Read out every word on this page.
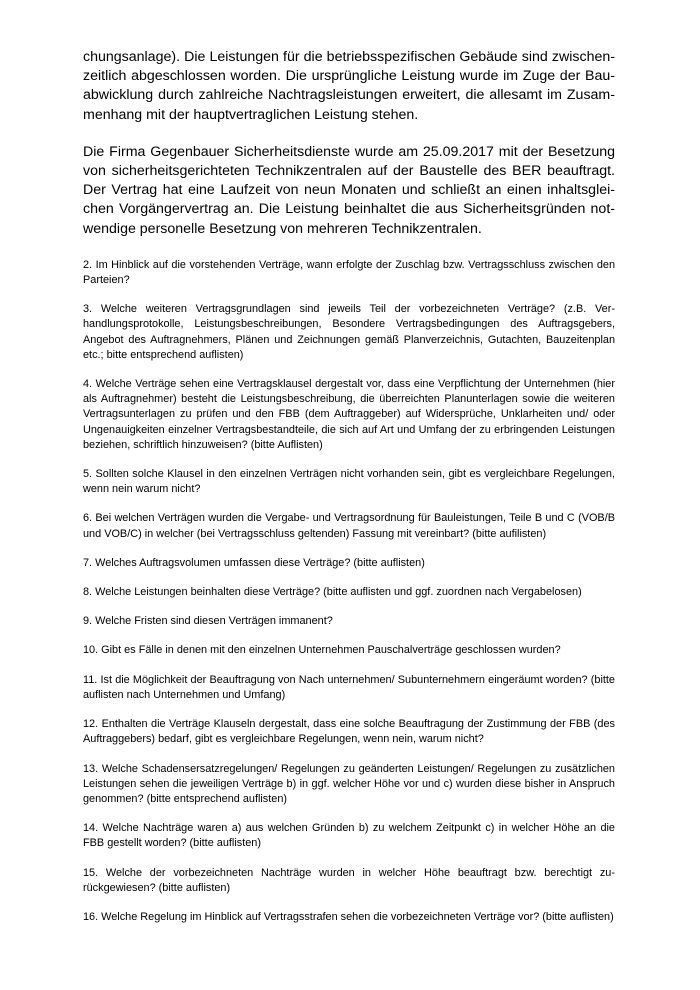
chungsanlage). Die Leistungen für die betriebsspezifischen Gebäude sind zwischenzeitlich abgeschlossen worden. Die ursprüngliche Leistung wurde im Zuge der Bauabwicklung durch zahlreiche Nachtragsleistungen erweitert, die allesamt im Zusammenhang mit der hauptvertraglichen Leistung stehen.

Die Firma Gegenbauer Sicherheitsdienste wurde am 25.09.2017 mit der Besetzung von sicherheitsgerichteten Technikzentralen auf der Baustelle des BER beauftragt. Der Vertrag hat eine Laufzeit von neun Monaten und schließt an einen inhaltsgleichen Vorgängervertrag an. Die Leistung beinhaltet die aus Sicherheitsgründen notwendige personelle Besetzung von mehreren Technikzentralen.

2. Im Hinblick auf die vorstehenden Verträge, wann erfolgte der Zuschlag bzw. Vertragsschluss zwischen den Parteien?

3. Welche weiteren Vertragsgrundlagen sind jeweils Teil der vorbezeichneten Verträge? (z.B. Verhandlungsprotokolle, Leistungsbeschreibungen, Besondere Vertragsbedingungen des Auftragsgebers, Angebot des Auftragnehmers, Plänen und Zeichnungen gemäß Planverzeichnis, Gutachten, Bauzeitenplan etc.; bitte entsprechend auflisten)

4. Welche Verträge sehen eine Vertragsklausel dergestalt vor, dass eine Verpflichtung der Unternehmen (hier als Auftragnehmer) besteht die Leistungsbeschreibung, die überreichten Planunterlagen sowie die weiteren Vertragsunterlagen zu prüfen und den FBB (dem Auftraggeber) auf Widersprüche, Unklarheiten und/ oder Ungenauigkeiten einzelner Vertragsbestandteile, die sich auf Art und Umfang der zu erbringenden Leistungen beziehen, schriftlich hinzuweisen? (bitte Auflisten)

5. Sollten solche Klausel in den einzelnen Verträgen nicht vorhanden sein, gibt es vergleichbare Regelungen, wenn nein warum nicht?

6. Bei welchen Verträgen wurden die Vergabe- und Vertragsordnung für Bauleistungen, Teile B und C (VOB/B und VOB/C) in welcher (bei Vertragsschluss geltenden) Fassung mit vereinbart? (bitte aufilisten)

7. Welches Auftragsvolumen umfassen diese Verträge? (bitte auflisten)

8. Welche Leistungen beinhalten diese Verträge? (bitte auflisten und ggf. zuordnen nach Vergabelosen)

9. Welche Fristen sind diesen Verträgen immanent?

10. Gibt es Fälle in denen mit den einzelnen Unternehmen Pauschalverträge geschlossen wurden?

11. Ist die Möglichkeit der Beauftragung von Nach unternehmen/ Subunternehmern eingeräumt worden? (bitte auflisten nach Unternehmen und Umfang)

12. Enthalten die Verträge Klauseln dergestalt, dass eine solche Beauftragung der Zustimmung der FBB (des Auftraggebers) bedarf, gibt es vergleichbare Regelungen, wenn nein, warum nicht?

13. Welche Schadensersatzregelungen/ Regelungen zu geänderten Leistungen/ Regelungen zu zusätzlichen Leistungen sehen die jeweiligen Verträge b) in ggf. welcher Höhe vor und c) wurden diese bisher in Anspruch genommen? (bitte entsprechend auflisten)

14. Welche Nachträge waren a) aus welchen Gründen b) zu welchem Zeitpunkt c) in welcher Höhe an die FBB gestellt worden? (bitte auflisten)

15. Welche der vorbezeichneten Nachträge wurden in welcher Höhe beauftragt bzw. berechtigt zurückgewiesen? (bitte auflisten)

16. Welche Regelung im Hinblick auf Vertragsstrafen sehen die vorbezeichneten Verträge vor? (bitte auflisten)
